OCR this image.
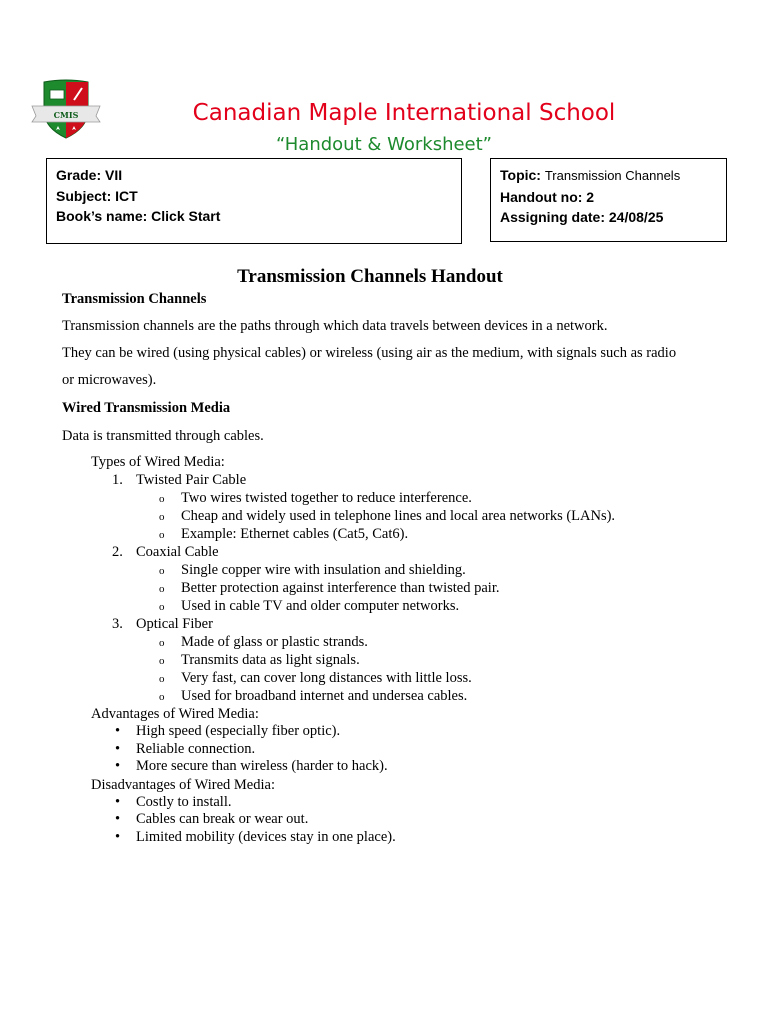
CMIS	Canadian Maple International School
“Handout & Worksheet”
Grade: VII
Subject: ICT
Book’s name: Click Start
Topic: Transmission Channels
Handout no: 2
Assigning date: 24/08/25
Transmission Channels Handout

Transmission Channels

Transmission channels are the paths through which data travels between devices in a network.

They can be wired (using physical cables) or wireless (using air as the medium, with signals such as radio or microwaves).

Wired Transmission Media

Data is transmitted through cables.

Types of Wired Media:

1. Twisted Pair Cable
o Two wires twisted together to reduce interference.
o Cheap and widely used in telephone lines and local area networks (LANs).
o Example: Ethernet cables (Cat5, Cat6).
2. Coaxial Cable
o Single copper wire with insulation and shielding.
o Better protection against interference than twisted pair.
o Used in cable TV and older computer networks.
3. Optical Fiber
o Made of glass or plastic strands.
o Transmits data as light signals.
o Very fast, can cover long distances with little loss.
o Used for broadband internet and undersea cables.

Advantages of Wired Media:

• High speed (especially fiber optic).
• Reliable connection.
• More secure than wireless (harder to hack).

Disadvantages of Wired Media:

• Costly to install.
• Cables can break or wear out.
• Limited mobility (devices stay in one place).
